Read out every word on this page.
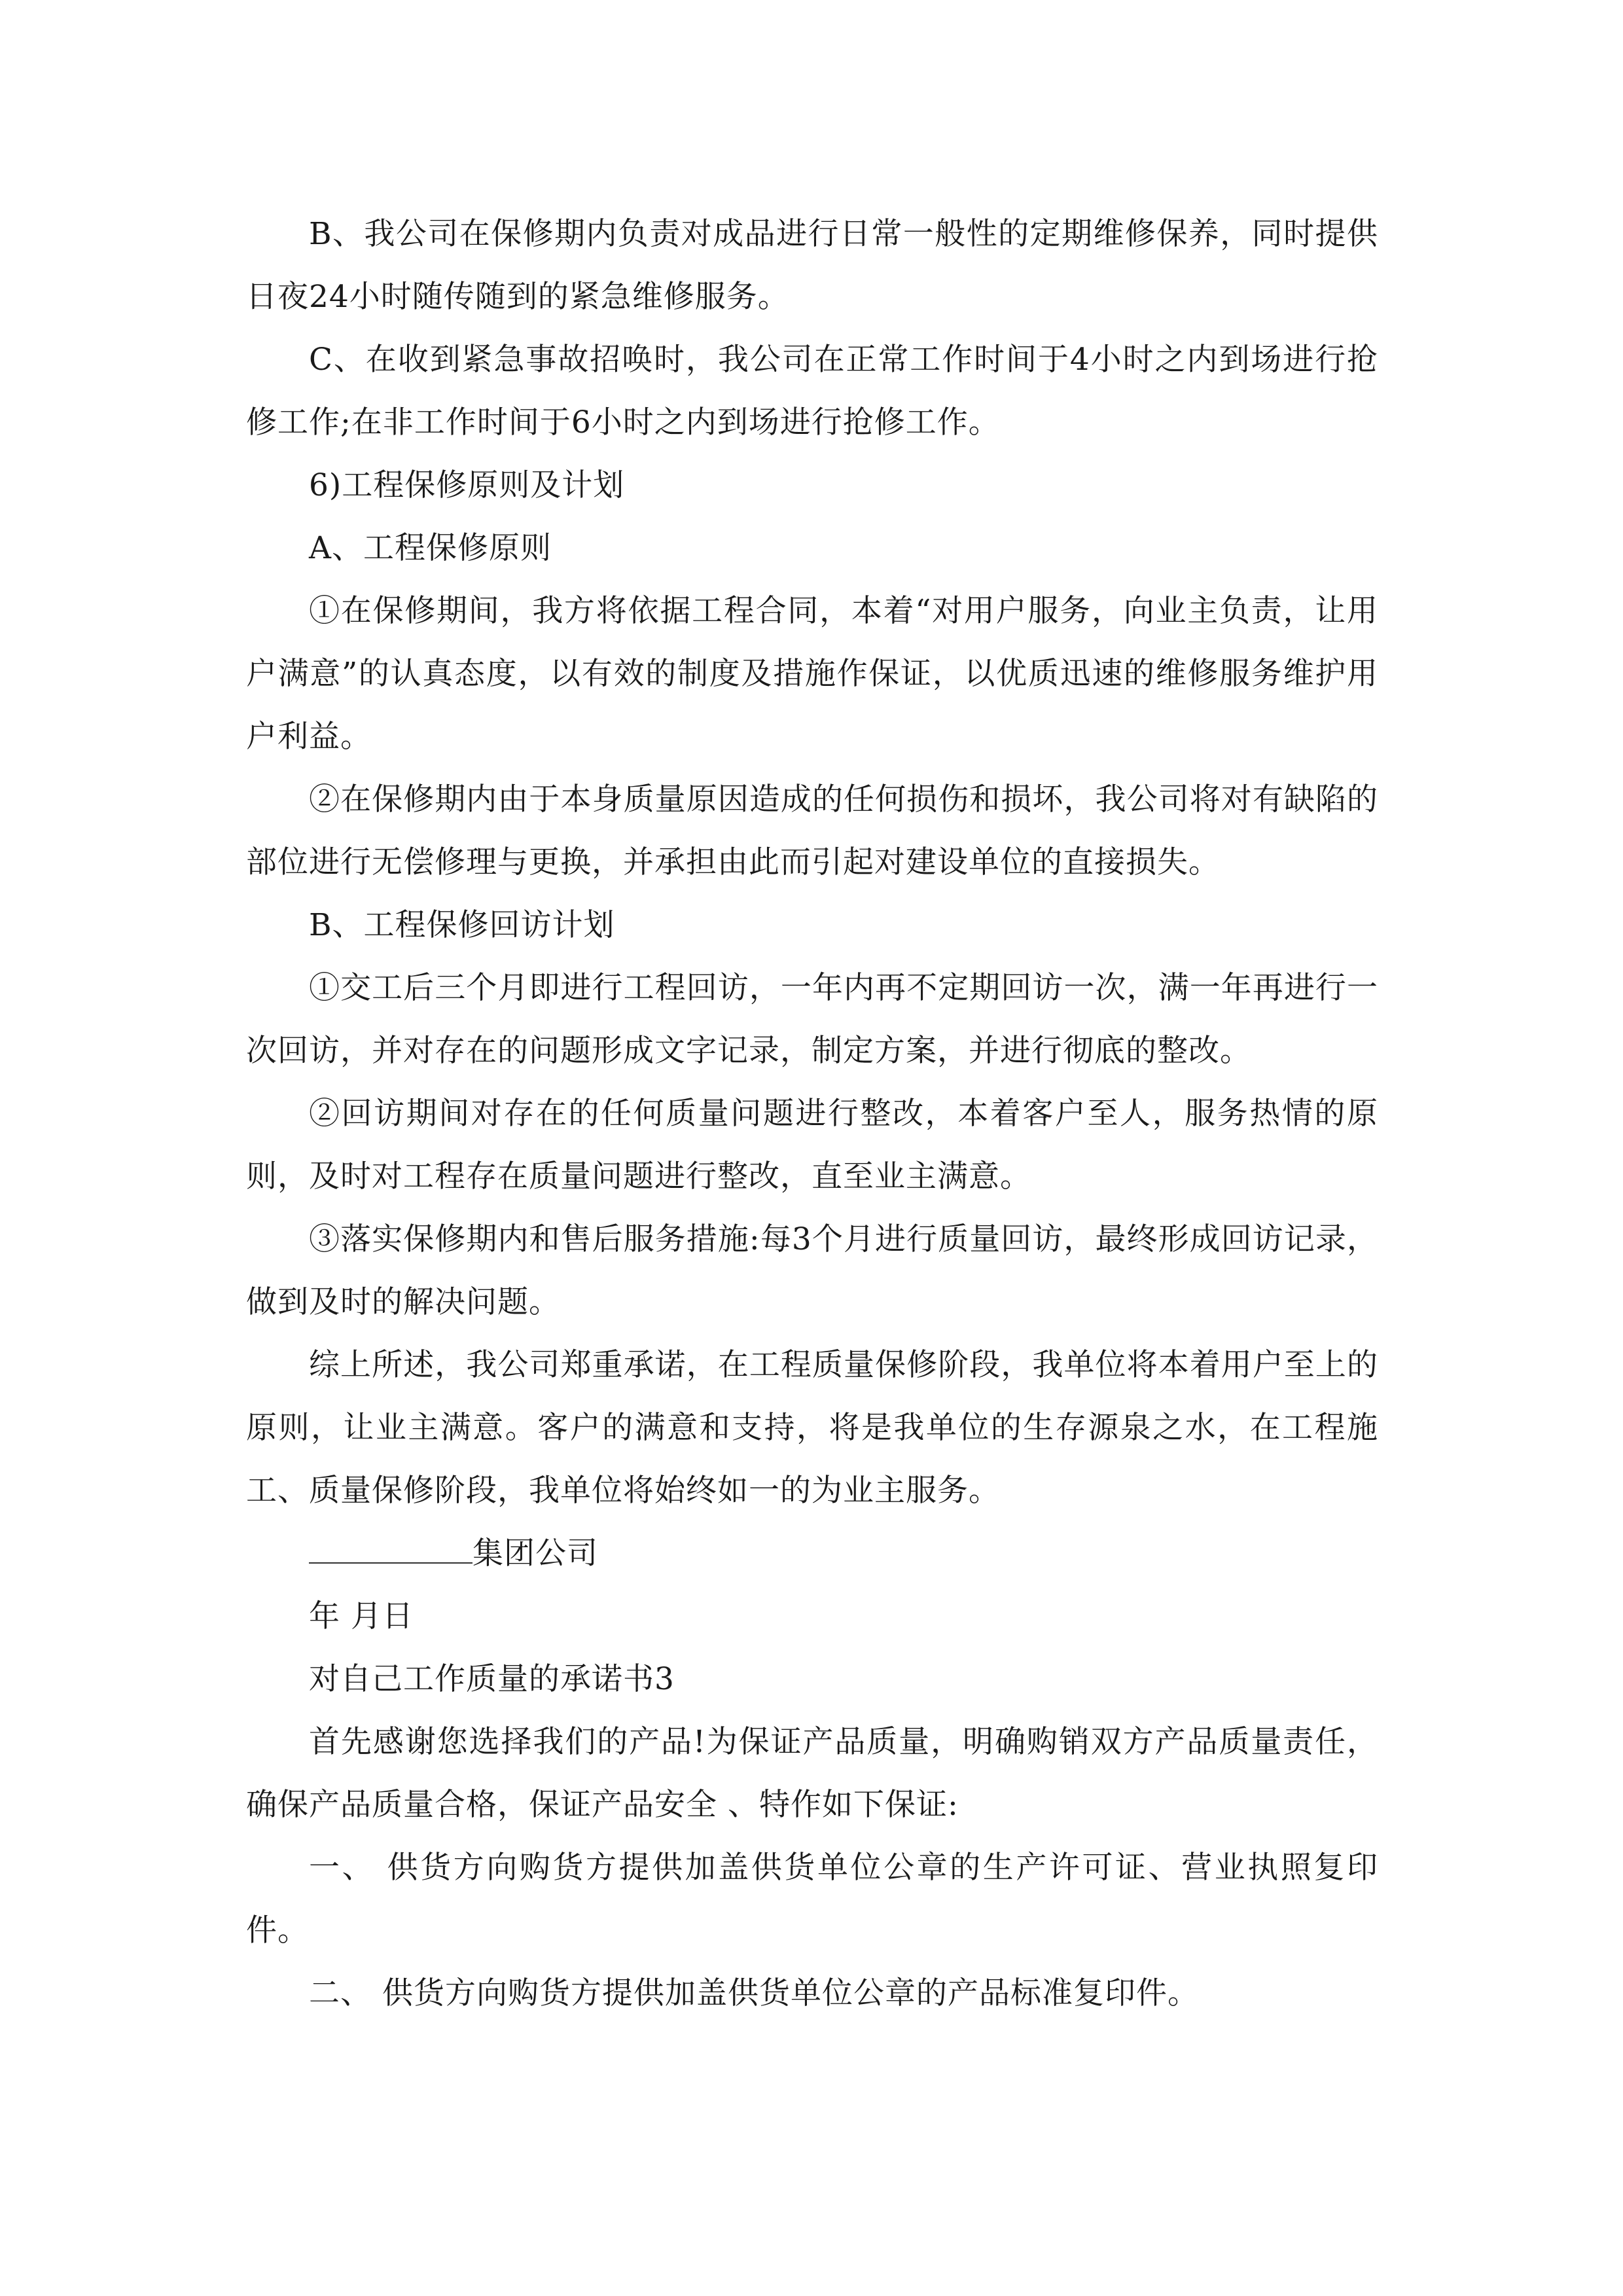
B、我公司在保修期内负责对成品进行日常一般性的定期维修保养，同时提供日夜24小时随传随到的紧急维修服务。

C、在收到紧急事故招唤时，我公司在正常工作时间于4小时之内到场进行抢修工作;在非工作时间于6小时之内到场进行抢修工作。

6)工程保修原则及计划

A、工程保修原则

①在保修期间，我方将依据工程合同，本着“对用户服务，向业主负责，让用户满意”的认真态度，以有效的制度及措施作保证，以优质迅速的维修服务维护用户利益。

②在保修期内由于本身质量原因造成的任何损伤和损坏，我公司将对有缺陷的部位进行无偿修理与更换，并承担由此而引起对建设单位的直接损失。

B、工程保修回访计划

①交工后三个月即进行工程回访，一年内再不定期回访一次，满一年再进行一次回访，并对存在的问题形成文字记录，制定方案，并进行彻底的整改。

②回访期间对存在的任何质量问题进行整改，本着客户至人，服务热情的原则，及时对工程存在质量问题进行整改，直至业主满意。

③落实保修期内和售后服务措施:每3个月进行质量回访，最终形成回访记录，做到及时的解决问题。

综上所述，我公司郑重承诺，在工程质量保修阶段，我单位将本着用户至上的原则，让业主满意。客户的满意和支持，将是我单位的生存源泉之水，在工程施工、质量保修阶段，我单位将始终如一的为业主服务。

集团公司

年 月日

对自己工作质量的承诺书3

首先感谢您选择我们的产品!为保证产品质量，明确购销双方产品质量责任，确保产品质量合格，保证产品安全 、特作如下保证:

一、 供货方向购货方提供加盖供货单位公章的生产许可证、营业执照复印件。

二、 供货方向购货方提供加盖供货单位公章的产品标准复印件。
